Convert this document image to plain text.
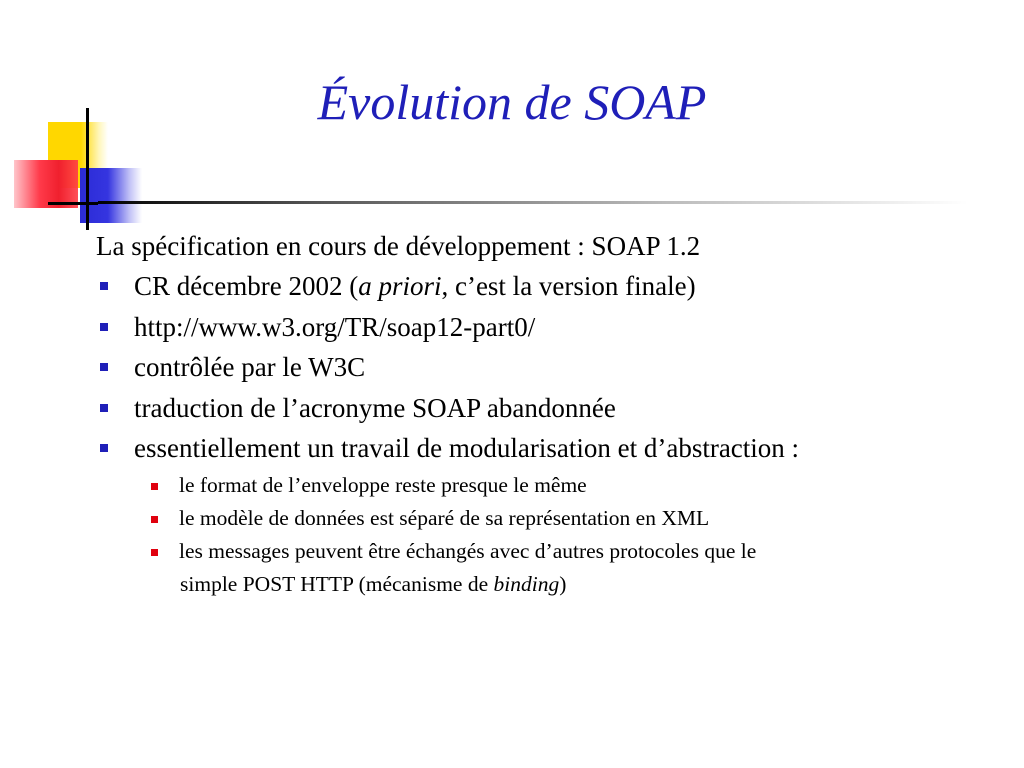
Évolution de SOAP
La spécification en cours de développement : SOAP 1.2
CR décembre 2002 (a priori, c’est la version finale)
http://www.w3.org/TR/soap12-part0/
contrôlée par le W3C
traduction de l’acronyme SOAP abandonnée
essentiellement un travail de modularisation et d’abstraction :
le format de l’enveloppe reste presque le même
le modèle de données est séparé de sa représentation en XML
les messages peuvent être échangés avec d’autres protocoles que le
simple POST HTTP (mécanisme de binding)
